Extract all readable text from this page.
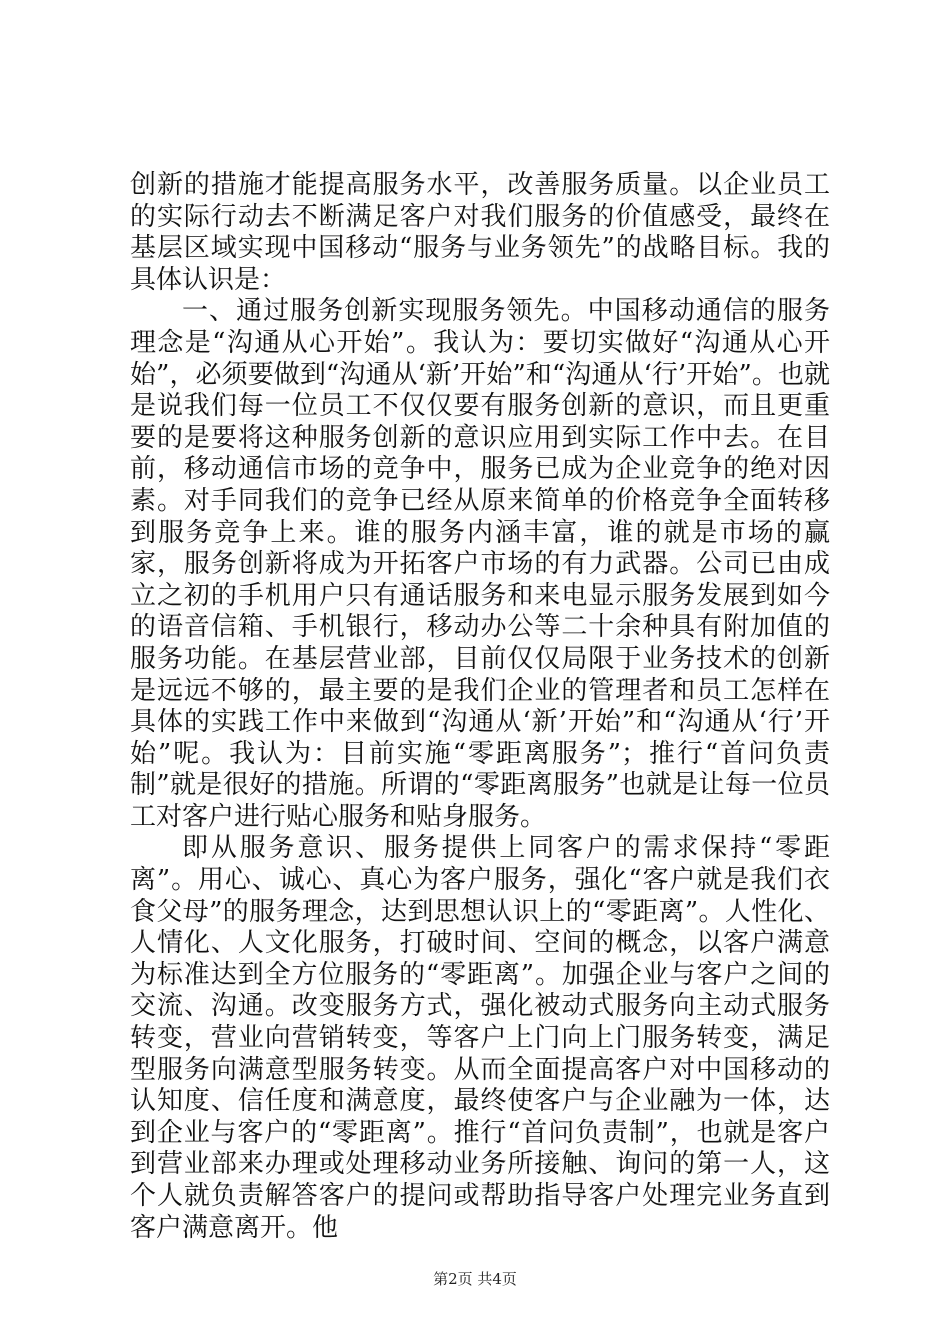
创新的措施才能提高服务水平，改善服务质量。以企业员工的实际行动去不断满足客户对我们服务的价值感受，最终在基层区域实现中国移动“服务与业务领先”的战略目标。我的具体认识是：

一、通过服务创新实现服务领先。中国移动通信的服务理念是“沟通从心开始”。我认为：要切实做好“沟通从心开始”，必须要做到“沟通从‘新’开始”和“沟通从‘行’开始”。也就是说我们每一位员工不仅仅要有服务创新的意识，而且更重要的是要将这种服务创新的意识应用到实际工作中去。在目前，移动通信市场的竞争中，服务已成为企业竞争的绝对因素。对手同我们的竞争已经从原来简单的价格竞争全面转移到服务竞争上来。谁的服务内涵丰富，谁的就是市场的赢家，服务创新将成为开拓客户市场的有力武器。公司已由成立之初的手机用户只有通话服务和来电显示服务发展到如今的语音信箱、手机银行，移动办公等二十余种具有附加值的服务功能。在基层营业部，目前仅仅局限于业务技术的创新是远远不够的，最主要的是我们企业的管理者和员工怎样在具体的实践工作中来做到“沟通从‘新’开始”和“沟通从‘行’开始”呢。我认为：目前实施“零距离服务”；推行“首问负责制”就是很好的措施。所谓的“零距离服务”也就是让每一位员工对客户进行贴心服务和贴身服务。

即从服务意识、服务提供上同客户的需求保持“零距离”。用心、诚心、真心为客户服务，强化“客户就是我们衣食父母”的服务理念，达到思想认识上的“零距离”。人性化、人情化、人文化服务，打破时间、空间的概念，以客户满意为标准达到全方位服务的“零距离”。加强企业与客户之间的交流、沟通。改变服务方式，强化被动式服务向主动式服务转变，营业向营销转变，等客户上门向上门服务转变，满足型服务向满意型服务转变。从而全面提高客户对中国移动的认知度、信任度和满意度，最终使客户与企业融为一体，达到企业与客户的“零距离”。推行“首问负责制”，也就是客户到营业部来办理或处理移动业务所接触、询问的第一人，这个人就负责解答客户的提问或帮助指导客户处理完业务直到客户满意离开。他

第2页 共4页
